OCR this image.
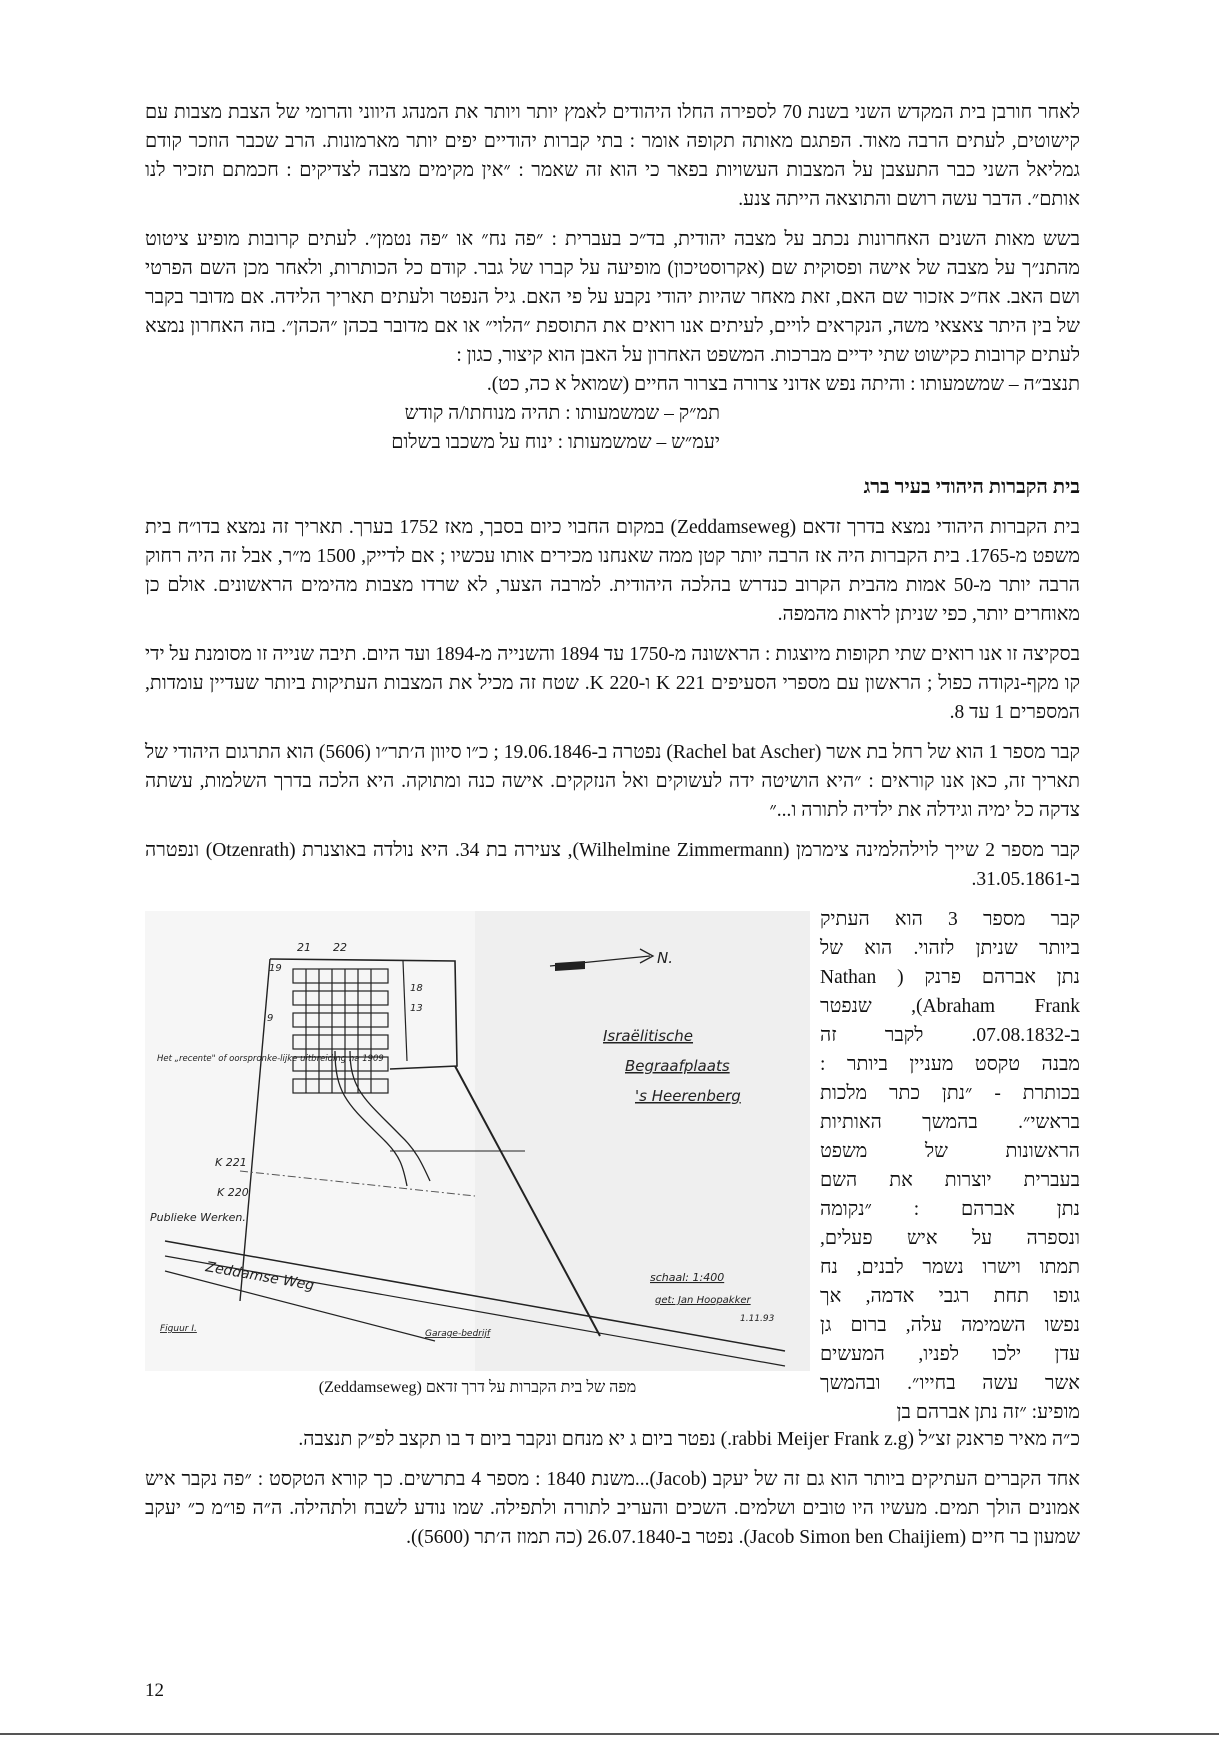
לאחר חורבן בית המקדש השני בשנת 70 לספירה החלו היהודים לאמץ יותר ויותר את המנהג היווני והרומי של הצבת מצבות עם קישוטים, לעתים הרבה מאוד. הפתגם מאותה תקופה אומר : בתי קברות יהודיים יפים יותר מארמונות. הרב שכבר הוזכר קודם גמליאל השני כבר התעצבן על המצבות העשויות בפאר כי הוא זה שאמר : ״אין מקימים מצבה לצדיקים : חכמתם תזכיר לנו אותם״. הדבר עשה רושם והתוצאה הייתה צנע.

בשש מאות השנים האחרונות נכתב על מצבה יהודית, בד״כ בעברית : ״פה נח״ או ״פה נטמן״. לעתים קרובות מופיע ציטוט מהתנ״ך על מצבה של אישה ופסוקית שם (אקרוסטיכון) מופיעה על קברו של גבר. קודם כל הכותרות, ולאחר מכן השם הפרטי ושם האב. אח״כ אזכור שם האם, זאת מאחר שהיות יהודי נקבע על פי האם. גיל הנפטר ולעתים תאריך הלידה. אם מדובר בקבר של בין היתר צאצאי משה, הנקראים לויים, לעיתים אנו רואים את התוספת ״הלוי״ או אם מדובר בכהן ״הכהן״. בזה האחרון נמצא לעתים קרובות כקישוט שתי ידיים מברכות. המשפט האחרון על האבן הוא קיצור, כגון :

תנצב״ה – שמשמעותו : והיתה נפש אדוני צרורה בצרור החיים (שמואל א כה, כט).
תמ״ק – שמשמעותו : תהיה מנוחתו/ה קודש
יעמ״ש – שמשמעותו : ינוח על משכבו בשלום
בית הקברות היהודי בעיר ברג

בית הקברות היהודי נמצא בדרך זדאם (Zeddamseweg) במקום החבוי כיום בסבך, מאז 1752 בערך. תאריך זה נמצא בדו״ח בית משפט מ-1765. בית הקברות היה אז הרבה יותר קטן ממה שאנחנו מכירים אותו עכשיו ; אם לדייק, 1500 מ״ר, אבל זה היה רחוק הרבה יותר מ-50 אמות מהבית הקרוב כנדרש בהלכה היהודית. למרבה הצער, לא שרדו מצבות מהימים הראשונים. אולם כן מאוחרים יותר, כפי שניתן לראות מהמפה.

בסקיצה זו אנו רואים שתי תקופות מיוצגות : הראשונה מ-1750 עד 1894 והשנייה מ-1894 ועד היום. תיבה שנייה זו מסומנת על ידי קו מקף-נקודה כפול ; הראשון עם מספרי הסעיפים K 221 ו-K 220. שטח זה מכיל את המצבות העתיקות ביותר שעדיין עומדות, המספרים 1 עד 8.

קבר מספר 1 הוא של רחל בת אשר (Rachel bat Ascher) נפטרה ב-19.06.1846 ; כ״ו סיוון ה׳תר״ו (5606) הוא התרגום היהודי של תאריך זה, כאן אנו קוראים : ״היא הושיטה ידה לעשוקים ואל הנזקקים. אישה כנה ומתוקה. היא הלכה בדרך השלמות, עשתה צדקה כל ימיה וגידלה את ילדיה לתורה ו...״

קבר מספר 2 שייך לוילהלמינה צימרמן (Wilhelmine Zimmermann), צעירה בת 34. היא נולדה באוצנרת (Otzenrath) ונפטרה ב-31.05.1861.

קבר מספר 3 הוא העתיק
ביותר שניתן לזהוי. הוא של
נתן אברהם פרנק ( Nathan
Abraham Frank), שנפטר
ב-07.08.1832. לקבר זה
מבנה טקסט מעניין ביותר :
בכותרת - ״נתן כתר מלכות
בראשי״. בהמשך האותיות
הראשונות של משפט
בעברית יוצרות את השם
נתן אברהם : ״נקומה
ונספרה על איש פעלים,
תמתו וישרו נשמר לבנים, נח
גופו תחת רגבי אדמה, אך
נפשו השמימה עלה, ברום גן
עדן ילכו לפניו, המעשים
אשר עשה בחייו״. ובהמשך
מופיע: ״זה נתן אברהם בן
N.
21 22
19
18
13
9
Het „recente" of oorspronke-lijke uitbreiding na 1909
K 221
K 220
Publieke Werken.
Zeddamse Weg
Israëlitische
Begraafplaats
's Heerenberg
schaal: 1:400
get: Jan Hoopakker
1.11.93
Figuur I.	Garage-bedrijf
מפה של בית הקברות על דרך זדאם (Zeddamseweg)

כ״ה מאיר פראנק זצ״ל (rabbi Meijer Frank z.g.) נפטר ביום ג יא מנחם ונקבר ביום ד בו תקצב לפ״ק תנצבה.

אחד הקברים העתיקים ביותר הוא גם זה של יעקב (Jacob)...משנת 1840 : מספר 4 בתרשים. כך קורא הטקסט : ״פה נקבר איש אמונים הולך תמים. מעשיו היו טובים ושלמים. השכים והעריב לתורה ולתפילה. שמו נודע לשבח ולתהילה. ה״ה פו״מ כ״ יעקב שמעון בר חיים (Jacob Simon ben Chaijiem). נפטר ב-26.07.1840 (כה תמוז ה׳תר (5600)).

12
